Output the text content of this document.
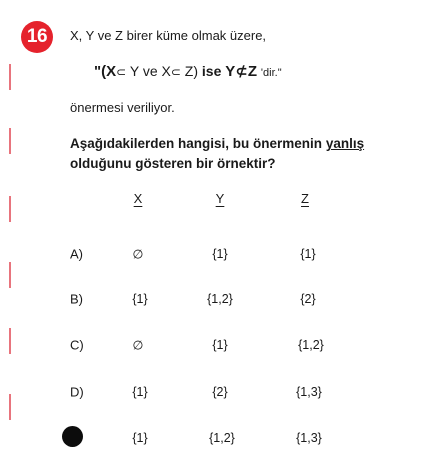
16	X, Y ve Z birer küme olmak üzere,
"(X⊂ Y ve X⊂ Z) ise Y⊄Z 'dir."
önermesi veriliyor.
Aşağıdakilerden hangisi, bu önermenin yanlış olduğunu gösteren bir örnektir?
X	Y	Z
A)	∅	{1}	{1}
B)	{1}	{1,2}	{2}
C)	∅	{1}	{1,2}
D)	{1}	{2}	{1,3}
{1}	{1,2}	{1,3}
